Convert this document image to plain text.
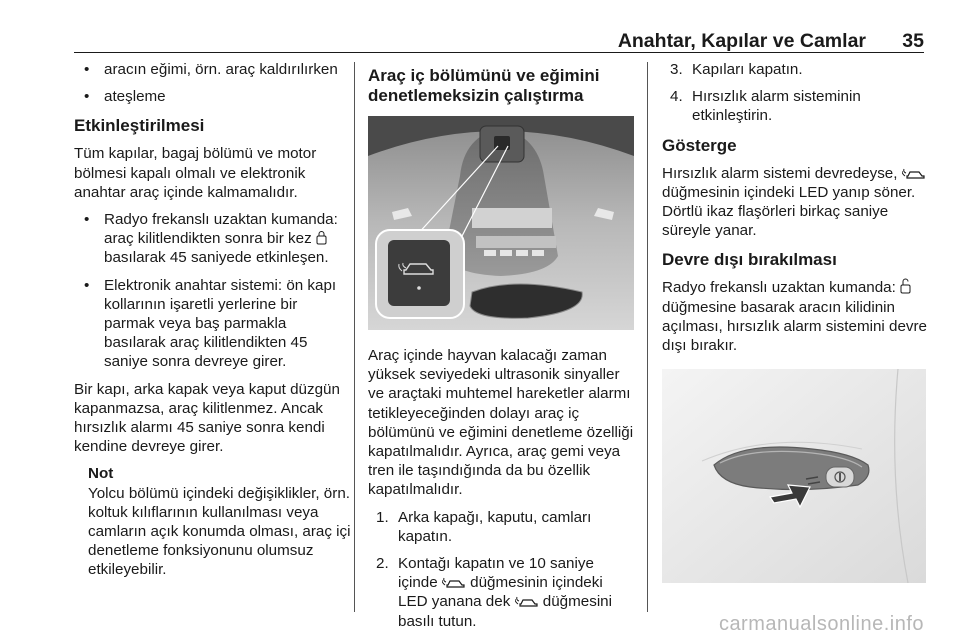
Anahtar, Kapılar ve Camlar 35
• aracın eğimi, örn. araç kaldırılırken
• ateşleme
Etkinleştirilmesi

Tüm kapılar, bagaj bölümü ve motor bölmesi kapalı olmalı ve elektronik anahtar araç içinde kalmamalıdır.

• Radyo frekanslı uzaktan kumanda: araç kilitlendikten sonra bir kez  basılarak 45 saniyede etkinleşen.
• Elektronik anahtar sistemi: ön kapı kollarının işaretli yerlerine bir parmak veya baş parmakla basılarak araç kilitlendikten 45 saniye sonra devreye girer.

Bir kapı, arka kapak veya kaput düzgün kapanmazsa, araç kilitlenmez. Ancak hırsızlık alarmı 45 saniye sonra kendi kendine devreye girer.

Not
Yolcu bölümü içindeki değişiklikler, örn. koltuk kılıflarının kullanılması veya camların açık konumda olması, araç içi denetleme fonksiyonunu olumsuz etkileyebilir.
Araç iç bölümünü ve eğimini denetlemeksizin çalıştırma

Araç içinde hayvan kalacağı zaman yüksek seviyedeki ultrasonik sinyaller ve araçtaki muhtemel hareketler alarmı tetikleyeceğinden dolayı araç iç bölümünü ve eğimini denetleme özelliği kapatılmalıdır. Ayrıca, araç gemi veya tren ile taşındığında da bu özellik kapatılmalıdır.

1. Arka kapağı, kaputu, camları kapatın.
2. Kontağı kapatın ve 10 saniye içinde düğmesinin içindeki LED yanana dek düğmesini basılı tutun.
3. Kapıları kapatın.
4. Hırsızlık alarm sisteminin etkinleştirin.
Gösterge

Hırsızlık alarm sistemi devredeyse,  düğmesinin içindeki LED yanıp söner. Dörtlü ikaz flaşörleri birkaç saniye süreyle yanar.

Devre dışı bırakılması

Radyo frekanslı uzaktan kumanda:  düğmesine basarak aracın kilidinin açılması, hırsızlık alarm sistemini devre dışı bırakır.

carmanualsonline.info
